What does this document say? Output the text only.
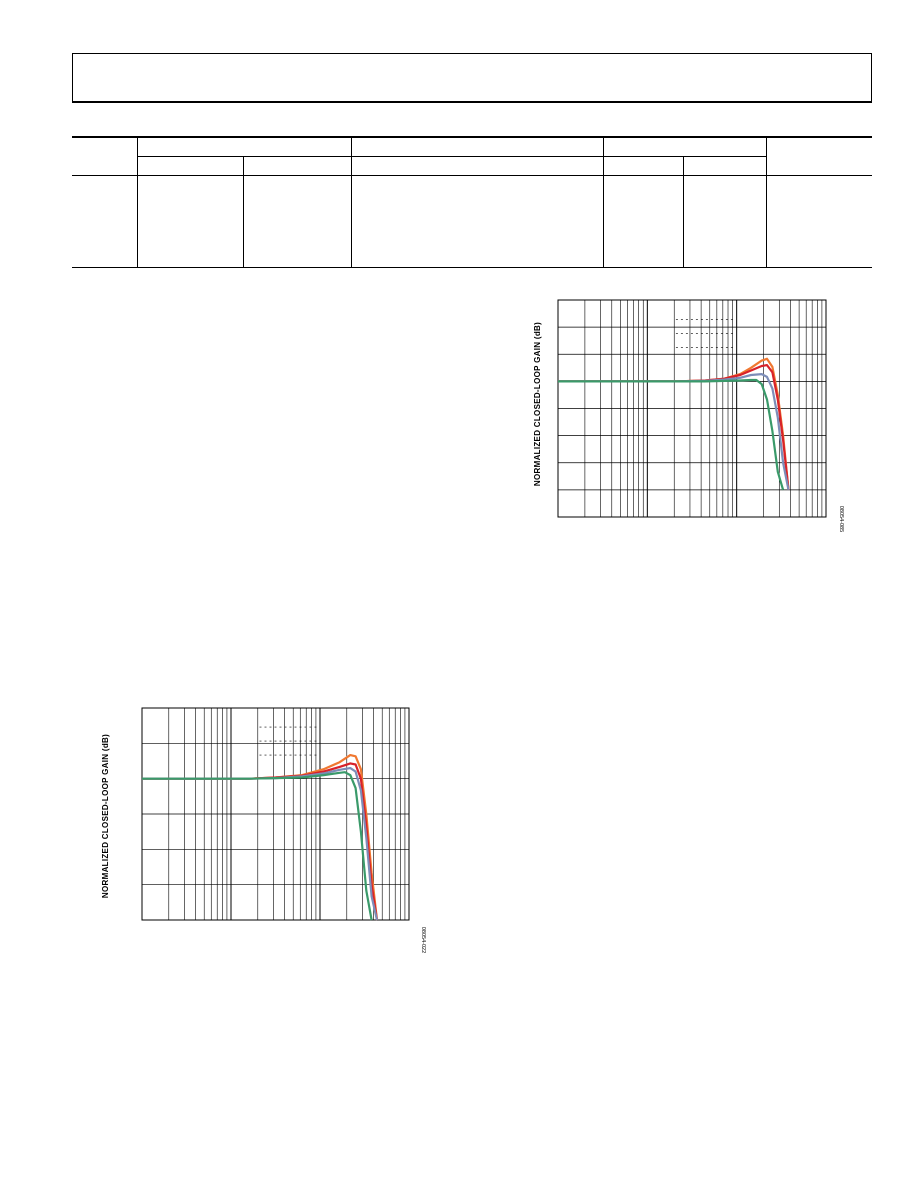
NORMALIZED CLOSED-LOOP GAIN (dB)
08054-085
NORMALIZED CLOSED-LOOP GAIN (dB)
08054-022
